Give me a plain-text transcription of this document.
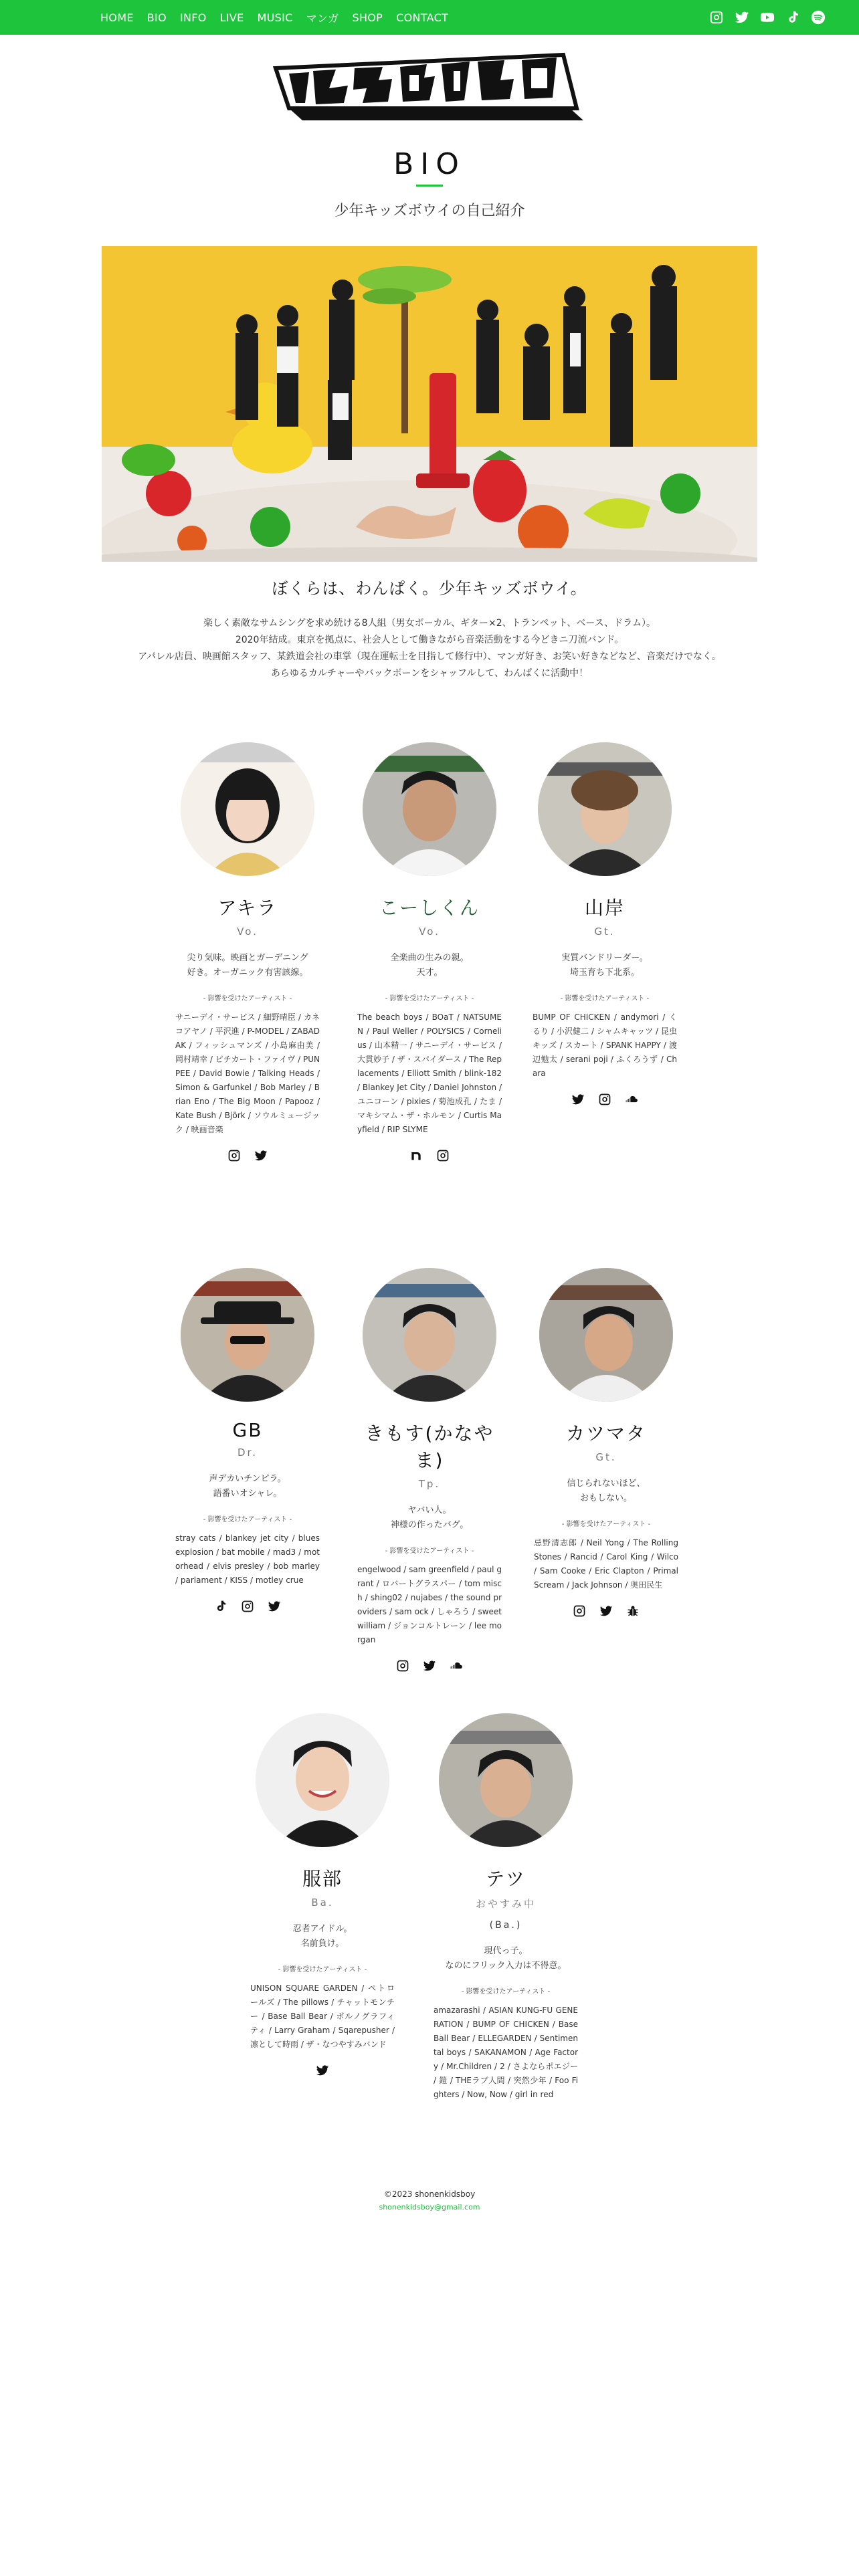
HOME BIO INFO LIVE MUSIC マンガ SHOP CONTACT
BIO
少年キッズボウイの自己紹介
ぼくらは、わんぱく。少年キッズボウイ。

楽しく素敵なサムシングを求め続ける8人組（男女ボーカル、ギター×2、トランペット、ベース、ドラム）。

2020年結成。東京を拠点に、社会人として働きながら音楽活動をする今どきニ刀流バンド。

アパレル店員、映画館スタッフ、某鉄道会社の車掌（現在運転士を目指して修行中）、マンガ好き、お笑い好きなどなど、音楽だけでなく。

あらゆるカルチャーやバックボーンをシャッフルして、わんぱくに活動中！

アキラ
Vo.
尖り気味。映画とガーデニング
好き。オーガニック有害該線。
- 影響を受けたアーティスト -
サニーデイ・サービス / 細野晴臣 / カネコアヤノ / 平沢進 / P-MODEL / ZABADAK / フィッシュマンズ / 小島麻由美 / 岡村靖幸 / ピチカート・ファイヴ / PUNPEE / David Bowie / Talking Heads / Simon & Garfunkel / Bob Marley / Brian Eno / The Big Moon / Papooz / Kate Bush / Björk / ソウルミュージック / 映画音楽
こーしくん
Vo.
全楽曲の生みの親。
天才。
- 影響を受けたアーティスト -
The beach boys / BOaT / NATSUMEN / Paul Weller / POLYSICS / Cornelius / 山本精一 / サニーデイ・サービス / 大貫妙子 / ザ・スパイダース / The Replacements / Elliott Smith / blink-182 / Blankey Jet City / Daniel Johnston / ユニコーン / pixies / 菊池成孔 / たま / マキシマム・ザ・ホルモン / Curtis Mayfield / RIP SLYME
山岸
Gt.
実質バンドリーダー。
埼玉育ち下北系。
- 影響を受けたアーティスト -
BUMP OF CHICKEN / andymori / くるり / 小沢健二 / シャムキャッツ / 昆虫キッズ / スカート / SPANK HAPPY / 渡辺勉太 / serani poji / ふくろうず / Chara
GB
Dr.
声デカいチンピラ。
語番いオシャレ。
- 影響を受けたアーティスト -
stray cats / blankey jet city / blues explosion / bat mobile / mad3 / motorhead / elvis presley / bob marley / parlament / KISS / motley crue
きもす(かなやま)
Tp.
ヤバい人。
神様の作ったバグ。
- 影響を受けたアーティスト -
engelwood / sam greenfield / paul grant / ロバートグラスパー / tom misch / shing02 / nujabes / the sound providers / sam ock / しゃろう / sweet william / ジョンコルトレーン / lee morgan
カツマタ
Gt.
信じられないほど、
おもしない。
- 影響を受けたアーティスト -
忌野清志郎 / Neil Yong / The Rolling Stones / Rancid / Carol King / Wilco / Sam Cooke / Eric Clapton / Primal Scream / Jack Johnson / 奥田民生
服部
Ba.
忍者アイドル。
名前負け。
- 影響を受けたアーティスト -
UNISON SQUARE GARDEN / ペトロールズ / The pillows / チャットモンチー / Base Ball Bear / ボルノグラフィティ / Larry Graham / Sqarepusher / 凛として時雨 / ザ・なつやすみバンド
テツ
おやすみ中
(Ba.)
現代っ子。
なのにフリック入力は不得意。
- 影響を受けたアーティスト -
amazarashi / ASIAN KUNG-FU GENERATION / BUMP OF CHICKEN / Base Ball Bear / ELLEGARDEN / Sentimental boys / SAKANAMON / Age Factory / Mr.Children / 2 / さよならポエジー / 鎧 / THEラブ人間 / 突然少年 / Foo Fighters / Now, Now / girl in red
©2023 shonenkidsboy
shonenkidsboy@gmail.com
